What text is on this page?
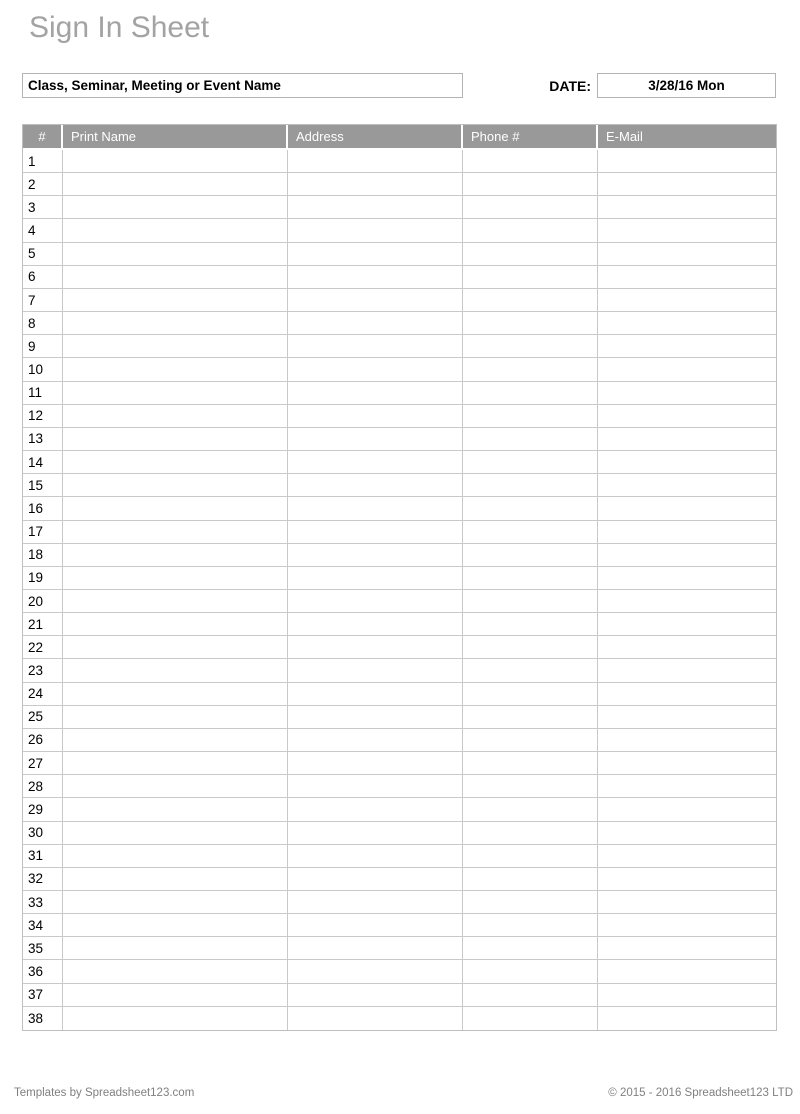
Sign In Sheet
Class, Seminar, Meeting or Event Name	DATE:	3/28/16 Mon
#	Print Name	Address	Phone #	E-Mail
1				
2				
3				
4				
5				
6				
7				
8				
9				
10				
11				
12				
13				
14				
15				
16				
17				
18				
19				
20				
21				
22				
23				
24				
25				
26				
27				
28				
29				
30				
31				
32				
33				
34				
35				
36				
37				
38				
Templates by Spreadsheet123.com	© 2015 - 2016 Spreadsheet123 LTD
